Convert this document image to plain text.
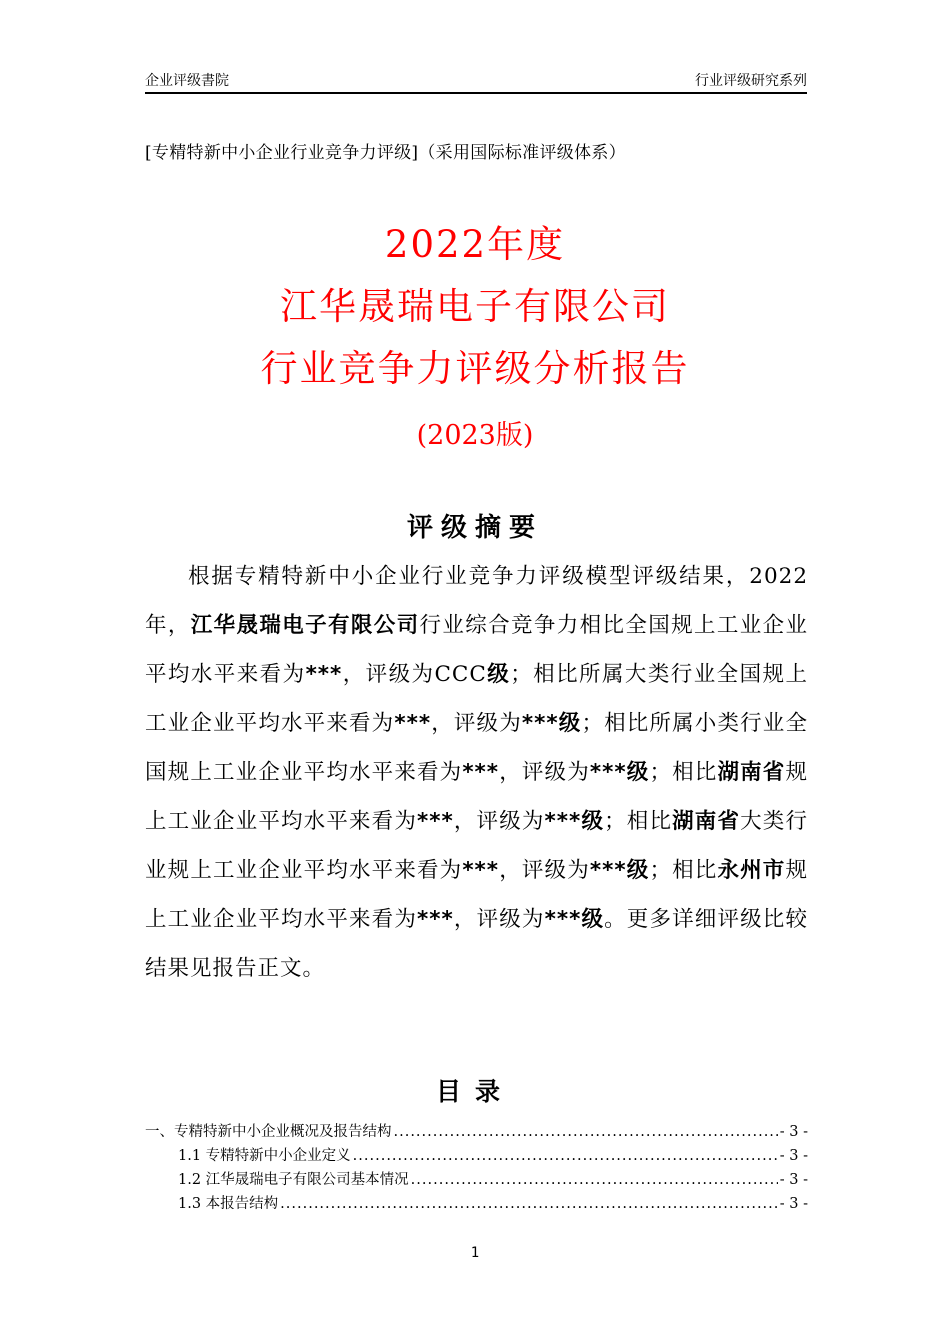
企业评级書院	行业评级研究系列
[专精特新中小企业行业竞争力评级]（采用国际标准评级体系）
2022年度
江华晟瑞电子有限公司
行业竞争力评级分析报告
(2023版)
评级摘要
根据专精特新中小企业行业竞争力评级模型评级结果，2022年，江华晟瑞电子有限公司行业综合竞争力相比全国规上工业企业平均水平来看为***，评级为CCC级；相比所属大类行业全国规上工业企业平均水平来看为***，评级为***级；相比所属小类行业全国规上工业企业平均水平来看为***，评级为***级；相比湖南省规上工业企业平均水平来看为***，评级为***级；相比湖南省大类行业规上工业企业平均水平来看为***，评级为***级；相比永州市规上工业企业平均水平来看为***，评级为***级。更多详细评级比较结果见报告正文。
目录
一、专精特新中小企业概况及报告结构 .....	- 3 -
1.1 专精特新中小企业定义 .....	- 3 -
1.2 江华晟瑞电子有限公司基本情况 .....	- 3 -
1.3 本报告结构 .....	- 3 -
1
